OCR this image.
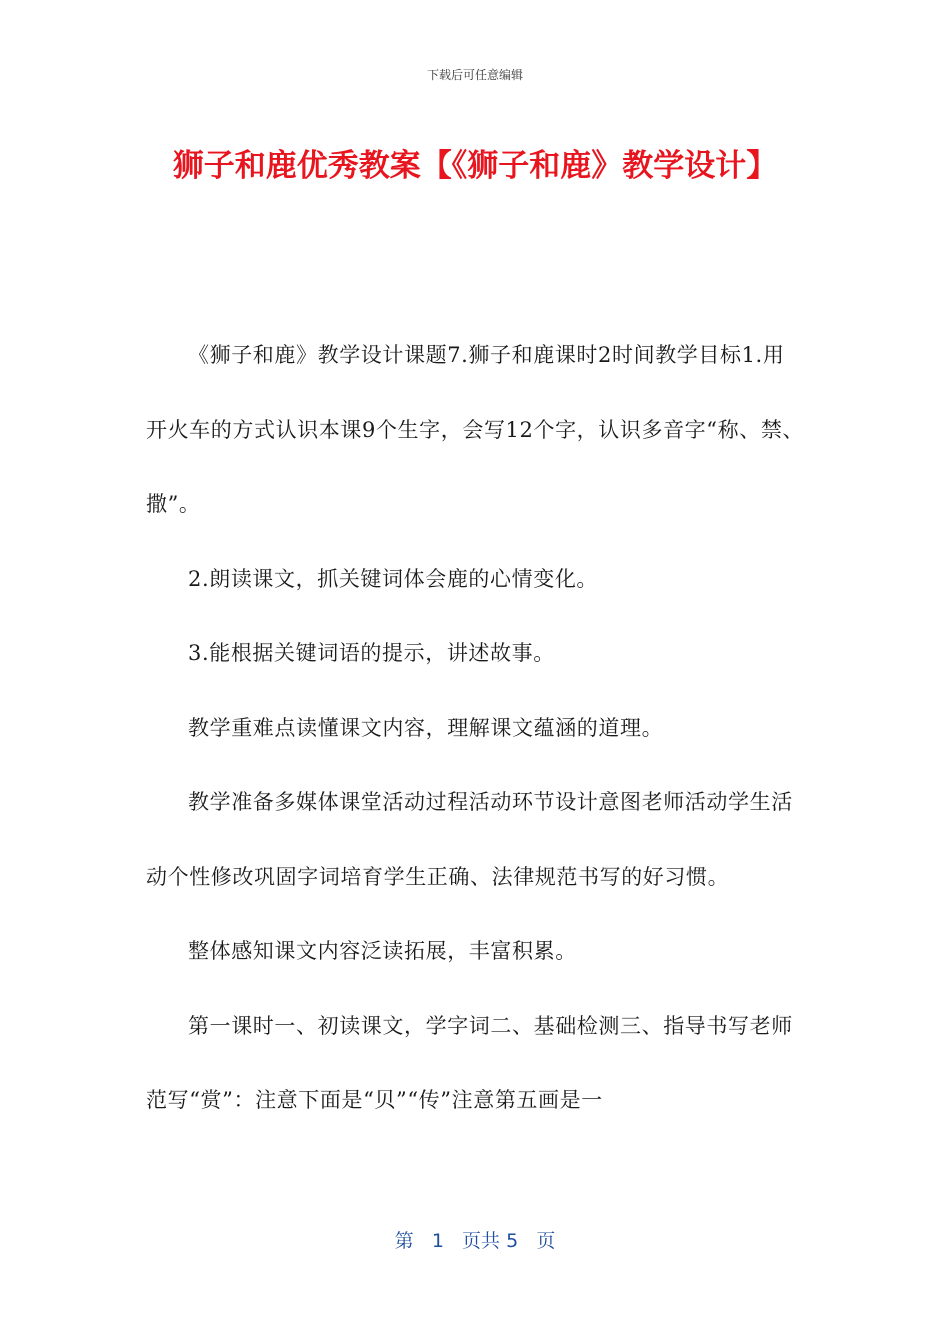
下载后可任意编辑
狮子和鹿优秀教案【《狮子和鹿》教学设计】

《狮子和鹿》教学设计课题7.狮子和鹿课时2时间教学目标1.用开火车的方式认识本课9个生字，会写12个字，认识多音字“称、禁、撒”。

2.朗读课文，抓关键词体会鹿的心情变化。

3.能根据关键词语的提示，讲述故事。

教学重难点读懂课文内容，理解课文蕴涵的道理。

教学准备多媒体课堂活动过程活动环节设计意图老师活动学生活动个性修改巩固字词培育学生正确、法律规范书写的好习惯。

整体感知课文内容泛读拓展，丰富积累。

第一课时一、初读课文，学字词二、基础检测三、指导书写老师范写“赏”：注意下面是“贝”“传”注意第五画是一

第 1 页共 5 页
